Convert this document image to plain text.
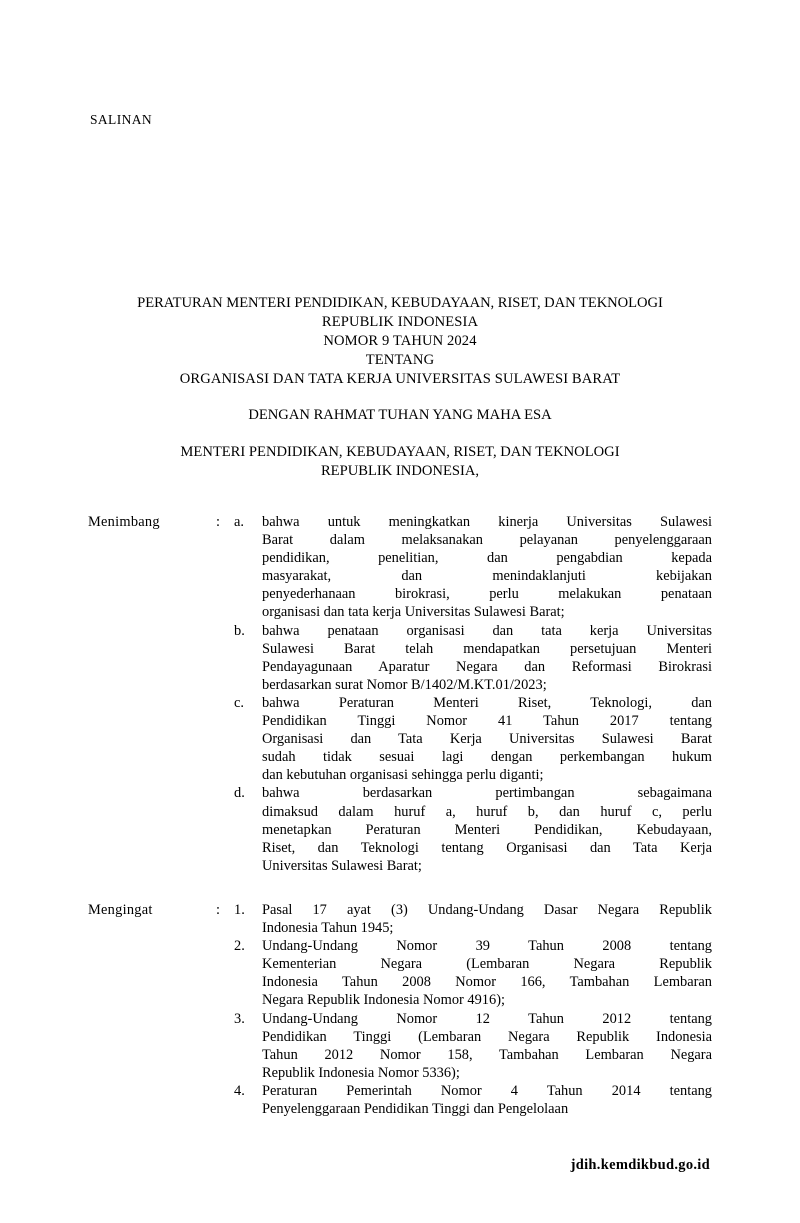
SALINAN
PERATURAN MENTERI PENDIDIKAN, KEBUDAYAAN, RISET, DAN TEKNOLOGI
REPUBLIK INDONESIA
NOMOR 9 TAHUN 2024
TENTANG
ORGANISASI DAN TATA KERJA UNIVERSITAS SULAWESI BARAT
DENGAN RAHMAT TUHAN YANG MAHA ESA
MENTERI PENDIDIKAN, KEBUDAYAAN, RISET, DAN TEKNOLOGI
REPUBLIK INDONESIA,
Menimbang	: a.	bahwa untuk meningkatkan kinerja Universitas Sulawesi
Barat dalam melaksanakan pelayanan penyelenggaraan
pendidikan, penelitian, dan pengabdian kepada
masyarakat, dan menindaklanjuti kebijakan
penyederhanaan birokrasi, perlu melakukan penataan
organisasi dan tata kerja Universitas Sulawesi Barat;
b.	bahwa penataan organisasi dan tata kerja Universitas
Sulawesi Barat telah mendapatkan persetujuan Menteri
Pendayagunaan Aparatur Negara dan Reformasi Birokrasi
berdasarkan surat Nomor B/1402/M.KT.01/2023;
c.	bahwa Peraturan Menteri Riset, Teknologi, dan
Pendidikan Tinggi Nomor 41 Tahun 2017 tentang
Organisasi dan Tata Kerja Universitas Sulawesi Barat
sudah tidak sesuai lagi dengan perkembangan hukum
dan kebutuhan organisasi sehingga perlu diganti;
d.	bahwa berdasarkan pertimbangan sebagaimana
dimaksud dalam huruf a, huruf b, dan huruf c, perlu
menetapkan Peraturan Menteri Pendidikan, Kebudayaan,
Riset, dan Teknologi tentang Organisasi dan Tata Kerja
Universitas Sulawesi Barat;
Mengingat	: 1.	Pasal 17 ayat (3) Undang-Undang Dasar Negara Republik
Indonesia Tahun 1945;
2.	Undang-Undang Nomor 39 Tahun 2008 tentang
Kementerian Negara (Lembaran Negara Republik
Indonesia Tahun 2008 Nomor 166, Tambahan Lembaran
Negara Republik Indonesia Nomor 4916);
3.	Undang-Undang Nomor 12 Tahun 2012 tentang
Pendidikan Tinggi (Lembaran Negara Republik Indonesia
Tahun 2012 Nomor 158, Tambahan Lembaran Negara
Republik Indonesia Nomor 5336);
4.	Peraturan Pemerintah Nomor 4 Tahun 2014 tentang
Penyelenggaraan Pendidikan Tinggi dan Pengelolaan
jdih.kemdikbud.go.id
